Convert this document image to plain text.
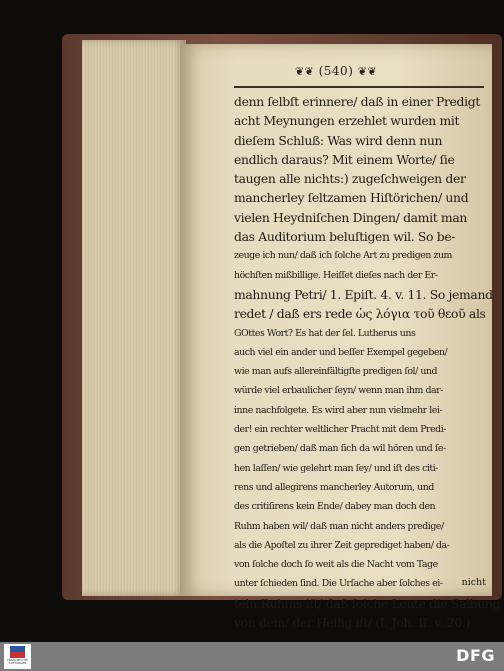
❦❦ (540) ❦❦
denn ſelbſt erinnere/ daß in einer Predigt
acht Meynungen erzehlet wurden mit
dieſem Schluß: Was wird denn nun
endlich daraus? Mit einem Worte/ ſie
taugen alle nichts:) zugeſchweigen der
mancherley ſeltzamen Hiſtörichen/ und
vielen Heydniſchen Dingen/ damit man
das Auditorium beluſtigen wil. So be-
zeuge ich nun/ daß ich ſolche Art zu predigen zum
höchſten mißbillige. Heiſſet dieſes nach der Er-
mahnung Petri/ 1. Epiſt. 4. v. 11. So jemand
redet / daß ers rede ὡς λόγια τοῦ θεοῦ als
GOttes Wort? Es hat der ſel. Lutherus uns
auch viel ein ander und beſſer Exempel gegeben/
wie man aufs allereinfältigſte predigen ſol/ und
würde viel erbaulicher ſeyn/ wenn man ihm dar-
inne nachfolgete. Es wird aber nun vielmehr lei-
der! ein rechter weltlicher Pracht mit dem Predi-
gen getrieben/ daß man ſich da wil hören und ſe-
hen laſſen/ wie gelehrt man ſey/ und iſt des citi-
rens und allegirens mancherley Autorum, und
des critiſirens kein Ende/ dabey man doch den
Ruhm haben wil/ daß man nicht anders predige/
als die Apoſtel zu ihrer Zeit geprediget haben/ da-
von ſolche doch ſo weit als die Nacht vom Tage
unter ſchieden ſind. Die Urſache aber ſolches ei-
teln Ruhms iſt/ daß ſolche Leute die Salbung
von dem/ der Heilig iſt/ (I. Joh. II. v. 20.)
nicht
FRANCKESCHE STIFTUNGEN	DFG
